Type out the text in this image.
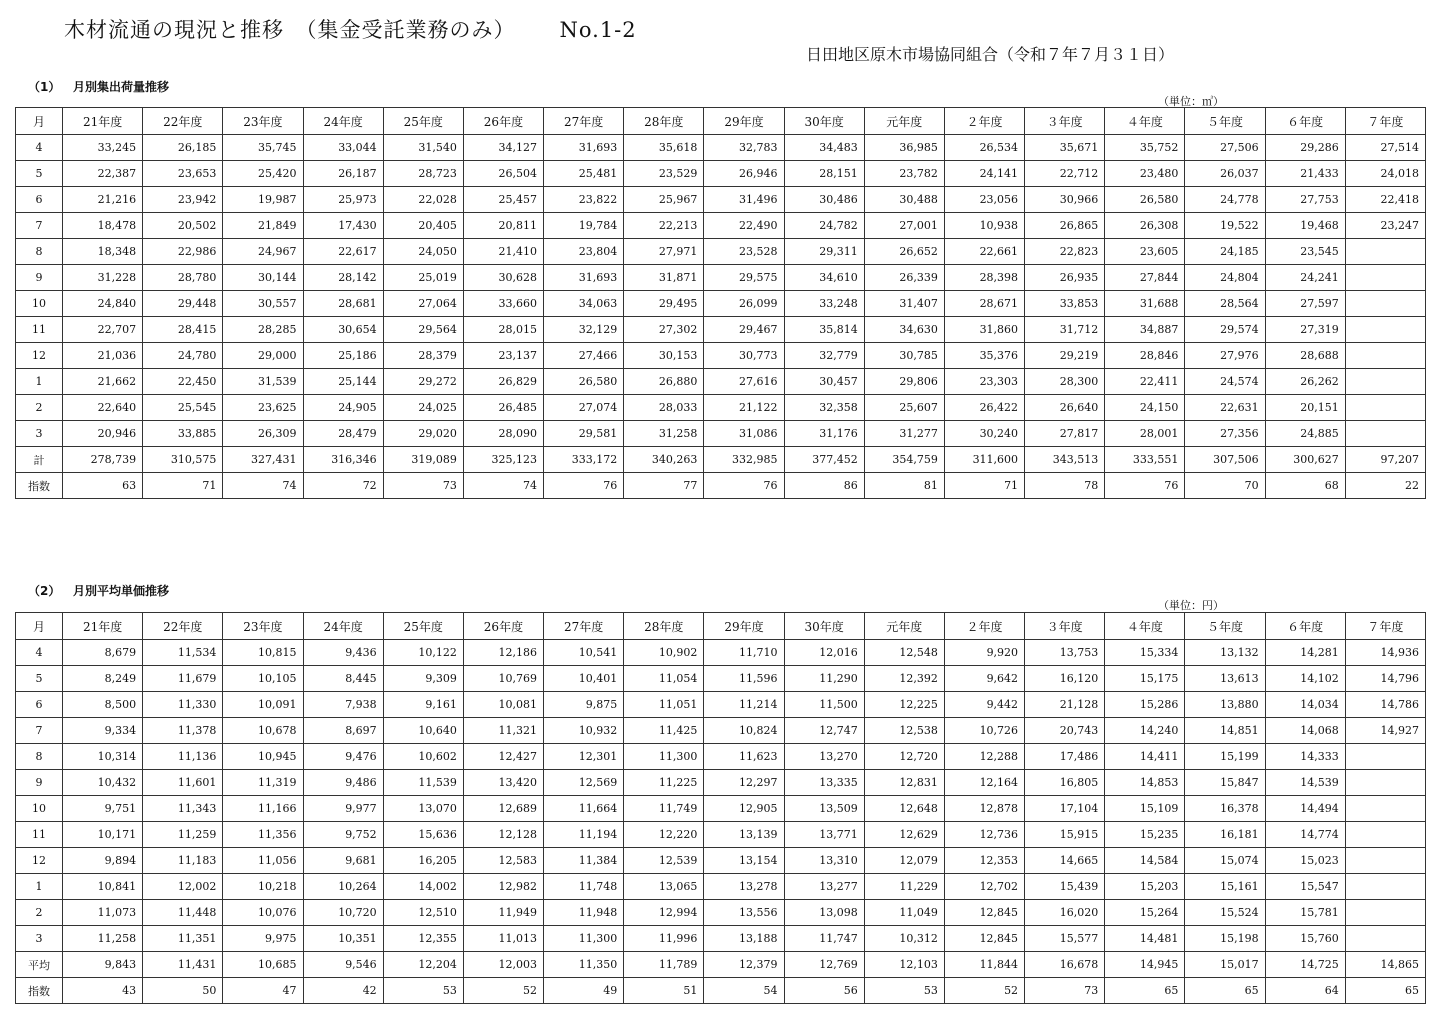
木材流通の現況と推移　（集金受託業務のみ） No.1-2
日田地区原木市場協同組合（令和７年７月３１日）
（1） 月別集出荷量推移
（単位：㎥）
月	21年度	22年度	23年度	24年度	25年度	26年度	27年度	28年度	29年度	30年度	元年度	２年度	３年度	４年度	５年度	６年度	７年度
4	33,245	26,185	35,745	33,044	31,540	34,127	31,693	35,618	32,783	34,483	36,985	26,534	35,671	35,752	27,506	29,286	27,514
5	22,387	23,653	25,420	26,187	28,723	26,504	25,481	23,529	26,946	28,151	23,782	24,141	22,712	23,480	26,037	21,433	24,018
6	21,216	23,942	19,987	25,973	22,028	25,457	23,822	25,967	31,496	30,486	30,488	23,056	30,966	26,580	24,778	27,753	22,418
7	18,478	20,502	21,849	17,430	20,405	20,811	19,784	22,213	22,490	24,782	27,001	10,938	26,865	26,308	19,522	19,468	23,247
8	18,348	22,986	24,967	22,617	24,050	21,410	23,804	27,971	23,528	29,311	26,652	22,661	22,823	23,605	24,185	23,545	
9	31,228	28,780	30,144	28,142	25,019	30,628	31,693	31,871	29,575	34,610	26,339	28,398	26,935	27,844	24,804	24,241	
10	24,840	29,448	30,557	28,681	27,064	33,660	34,063	29,495	26,099	33,248	31,407	28,671	33,853	31,688	28,564	27,597	
11	22,707	28,415	28,285	30,654	29,564	28,015	32,129	27,302	29,467	35,814	34,630	31,860	31,712	34,887	29,574	27,319	
12	21,036	24,780	29,000	25,186	28,379	23,137	27,466	30,153	30,773	32,779	30,785	35,376	29,219	28,846	27,976	28,688	
1	21,662	22,450	31,539	25,144	29,272	26,829	26,580	26,880	27,616	30,457	29,806	23,303	28,300	22,411	24,574	26,262	
2	22,640	25,545	23,625	24,905	24,025	26,485	27,074	28,033	21,122	32,358	25,607	26,422	26,640	24,150	22,631	20,151	
3	20,946	33,885	26,309	28,479	29,020	28,090	29,581	31,258	31,086	31,176	31,277	30,240	27,817	28,001	27,356	24,885	
計	278,739	310,575	327,431	316,346	319,089	325,123	333,172	340,263	332,985	377,452	354,759	311,600	343,513	333,551	307,506	300,627	97,207
指数	63	71	74	72	73	74	76	77	76	86	81	71	78	76	70	68	22
（2） 月別平均単価推移
（単位：円）
月	21年度	22年度	23年度	24年度	25年度	26年度	27年度	28年度	29年度	30年度	元年度	２年度	３年度	４年度	５年度	６年度	７年度
4	8,679	11,534	10,815	9,436	10,122	12,186	10,541	10,902	11,710	12,016	12,548	9,920	13,753	15,334	13,132	14,281	14,936
5	8,249	11,679	10,105	8,445	9,309	10,769	10,401	11,054	11,596	11,290	12,392	9,642	16,120	15,175	13,613	14,102	14,796
6	8,500	11,330	10,091	7,938	9,161	10,081	9,875	11,051	11,214	11,500	12,225	9,442	21,128	15,286	13,880	14,034	14,786
7	9,334	11,378	10,678	8,697	10,640	11,321	10,932	11,425	10,824	12,747	12,538	10,726	20,743	14,240	14,851	14,068	14,927
8	10,314	11,136	10,945	9,476	10,602	12,427	12,301	11,300	11,623	13,270	12,720	12,288	17,486	14,411	15,199	14,333	
9	10,432	11,601	11,319	9,486	11,539	13,420	12,569	11,225	12,297	13,335	12,831	12,164	16,805	14,853	15,847	14,539	
10	9,751	11,343	11,166	9,977	13,070	12,689	11,664	11,749	12,905	13,509	12,648	12,878	17,104	15,109	16,378	14,494	
11	10,171	11,259	11,356	9,752	15,636	12,128	11,194	12,220	13,139	13,771	12,629	12,736	15,915	15,235	16,181	14,774	
12	9,894	11,183	11,056	9,681	16,205	12,583	11,384	12,539	13,154	13,310	12,079	12,353	14,665	14,584	15,074	15,023	
1	10,841	12,002	10,218	10,264	14,002	12,982	11,748	13,065	13,278	13,277	11,229	12,702	15,439	15,203	15,161	15,547	
2	11,073	11,448	10,076	10,720	12,510	11,949	11,948	12,994	13,556	13,098	11,049	12,845	16,020	15,264	15,524	15,781	
3	11,258	11,351	9,975	10,351	12,355	11,013	11,300	11,996	13,188	11,747	10,312	12,845	15,577	14,481	15,198	15,760	
平均	9,843	11,431	10,685	9,546	12,204	12,003	11,350	11,789	12,379	12,769	12,103	11,844	16,678	14,945	15,017	14,725	14,865
指数	43	50	47	42	53	52	49	51	54	56	53	52	73	65	65	64	65
